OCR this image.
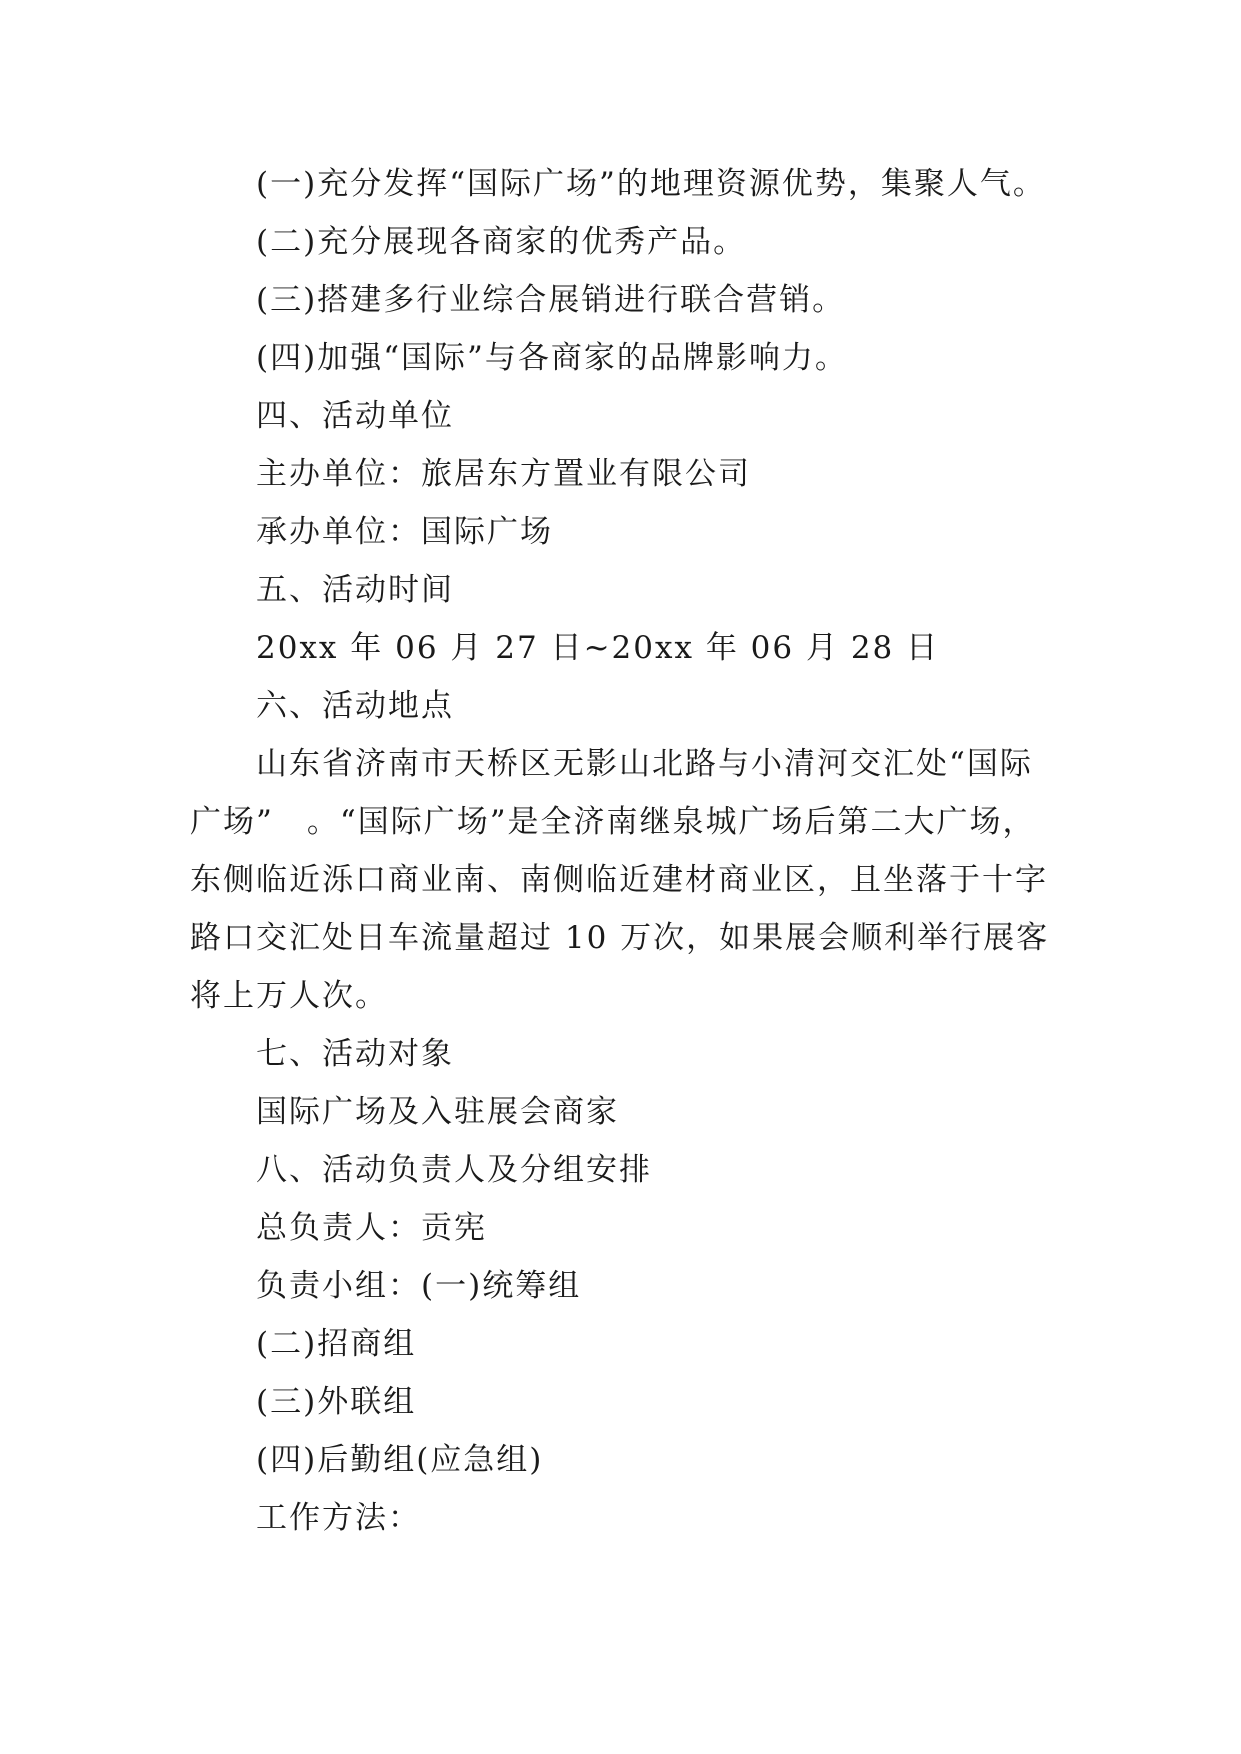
(一)充分发挥“国际广场”的地理资源优势，集聚人气。
(二)充分展现各商家的优秀产品。
(三)搭建多行业综合展销进行联合营销。
(四)加强“国际”与各商家的品牌影响力。
四、活动单位
主办单位：旅居东方置业有限公司
承办单位：国际广场
五、活动时间
20xx 年 06 月 27 日~20xx 年 06 月 28 日
六、活动地点
山东省济南市天桥区无影山北路与小清河交汇处“国际
广场”　。“国际广场”是全济南继泉城广场后第二大广场，
东侧临近泺口商业南、南侧临近建材商业区，且坐落于十字
路口交汇处日车流量超过 10 万次，如果展会顺利举行展客
将上万人次。
七、活动对象
国际广场及入驻展会商家
八、活动负责人及分组安排
总负责人：贡宪
负责小组：(一)统筹组
(二)招商组
(三)外联组
(四)后勤组(应急组)
工作方法：
